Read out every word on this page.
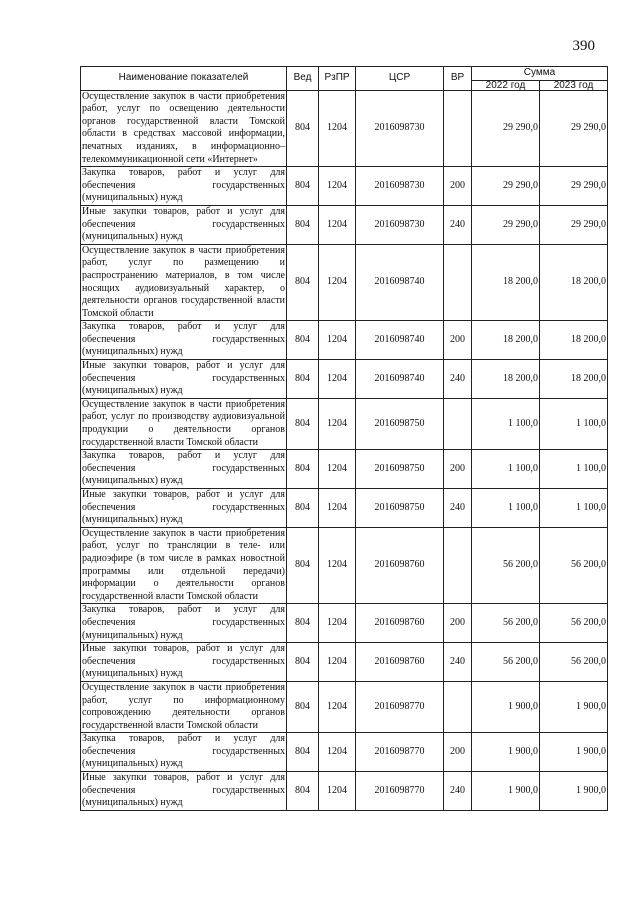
390
Наименование показателей	Вед	РзПР	ЦСР	ВР	Сумма	
					2022 год	2023 год
Осуществление закупок в части приобретения работ, услуг по освещению деятельности органов государственной власти Томской области в средствах массовой информации, печатных изданиях, в информационно–телекоммуникационной сети «Интернет»	804	1204	2016098730		29 290,0	29 290,0
Закупка товаров, работ и услуг для обеспечения государственных (муниципальных) нужд	804	1204	2016098730	200	29 290,0	29 290,0
Иные закупки товаров, работ и услуг для обеспечения государственных (муниципальных) нужд	804	1204	2016098730	240	29 290,0	29 290,0
Осуществление закупок в части приобретения работ, услуг по размещению и распространению материалов, в том числе носящих аудиовизуальный характер, о деятельности органов государственной власти Томской области	804	1204	2016098740		18 200,0	18 200,0
Закупка товаров, работ и услуг для обеспечения государственных (муниципальных) нужд	804	1204	2016098740	200	18 200,0	18 200,0
Иные закупки товаров, работ и услуг для обеспечения государственных (муниципальных) нужд	804	1204	2016098740	240	18 200,0	18 200,0
Осуществление закупок в части приобретения работ, услуг по производству аудиовизуальной продукции о деятельности органов государственной власти Томской области	804	1204	2016098750		1 100,0	1 100,0
Закупка товаров, работ и услуг для обеспечения государственных (муниципальных) нужд	804	1204	2016098750	200	1 100,0	1 100,0
Иные закупки товаров, работ и услуг для обеспечения государственных (муниципальных) нужд	804	1204	2016098750	240	1 100,0	1 100,0
Осуществление закупок в части приобретения работ, услуг по трансляции в теле- или радиоэфире (в том числе в рамках новостной программы или отдельной передачи) информации о деятельности органов государственной власти Томской области	804	1204	2016098760		56 200,0	56 200,0
Закупка товаров, работ и услуг для обеспечения государственных (муниципальных) нужд	804	1204	2016098760	200	56 200,0	56 200,0
Иные закупки товаров, работ и услуг для обеспечения государственных (муниципальных) нужд	804	1204	2016098760	240	56 200,0	56 200,0
Осуществление закупок в части приобретения работ, услуг по информационному сопровождению деятельности органов государственной власти Томской области	804	1204	2016098770		1 900,0	1 900,0
Закупка товаров, работ и услуг для обеспечения государственных (муниципальных) нужд	804	1204	2016098770	200	1 900,0	1 900,0
Иные закупки товаров, работ и услуг для обеспечения государственных (муниципальных) нужд	804	1204	2016098770	240	1 900,0	1 900,0
